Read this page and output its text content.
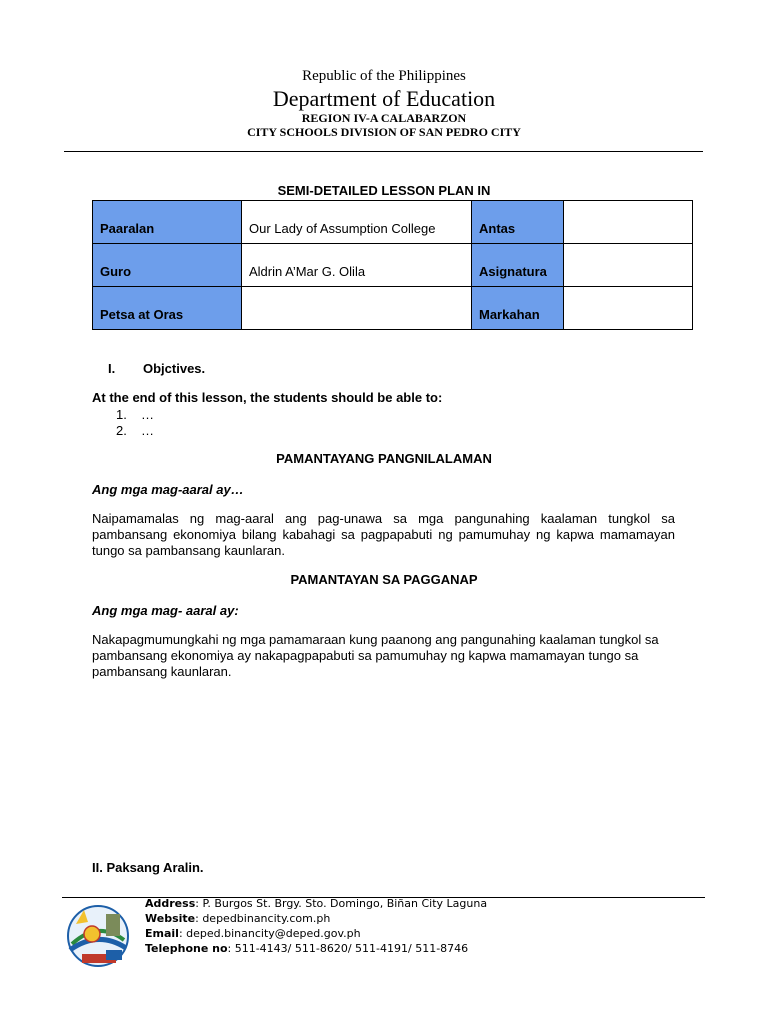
Republic of the Philippines
Department of Education
REGION IV-A CALABARZON
CITY SCHOOLS DIVISION OF SAN PEDRO CITY
SEMI-DETAILED LESSON PLAN IN
Paaralan	Our Lady of Assumption College	Antas	

Guro	Aldrin A’Mar G. Olila	Asignatura	

Petsa at Oras		Markahan	

I. Objctives.
At the end of this lesson, the students should be able to:
1. …
2. …
PAMANTAYANG PANGNILALAMAN
Ang mga mag-aaral ay…
Naipamamalas ng mag-aaral ang pag-unawa sa mga pangunahing kaalaman tungkol sa pambansang ekonomiya bilang kabahagi sa pagpapabuti ng pamumuhay ng kapwa mamamayan tungo sa pambansang kaunlaran.
PAMANTAYAN SA PAGGANAP
Ang mga mag- aaral ay:
Nakapagmumungkahi ng mga pamamaraan kung paanong ang pangunahing kaalaman tungkol sa pambansang ekonomiya ay nakapagpapabuti sa pamumuhay ng kapwa mamamayan tungo sa pambansang kaunlaran.
II. Paksang Aralin.
Address: P. Burgos St. Brgy. Sto. Domingo, Biñan City Laguna
Website: depedbinancity.com.ph
Email: deped.binancity@deped.gov.ph
Telephone no: 511-4143/ 511-8620/ 511-4191/ 511-8746
